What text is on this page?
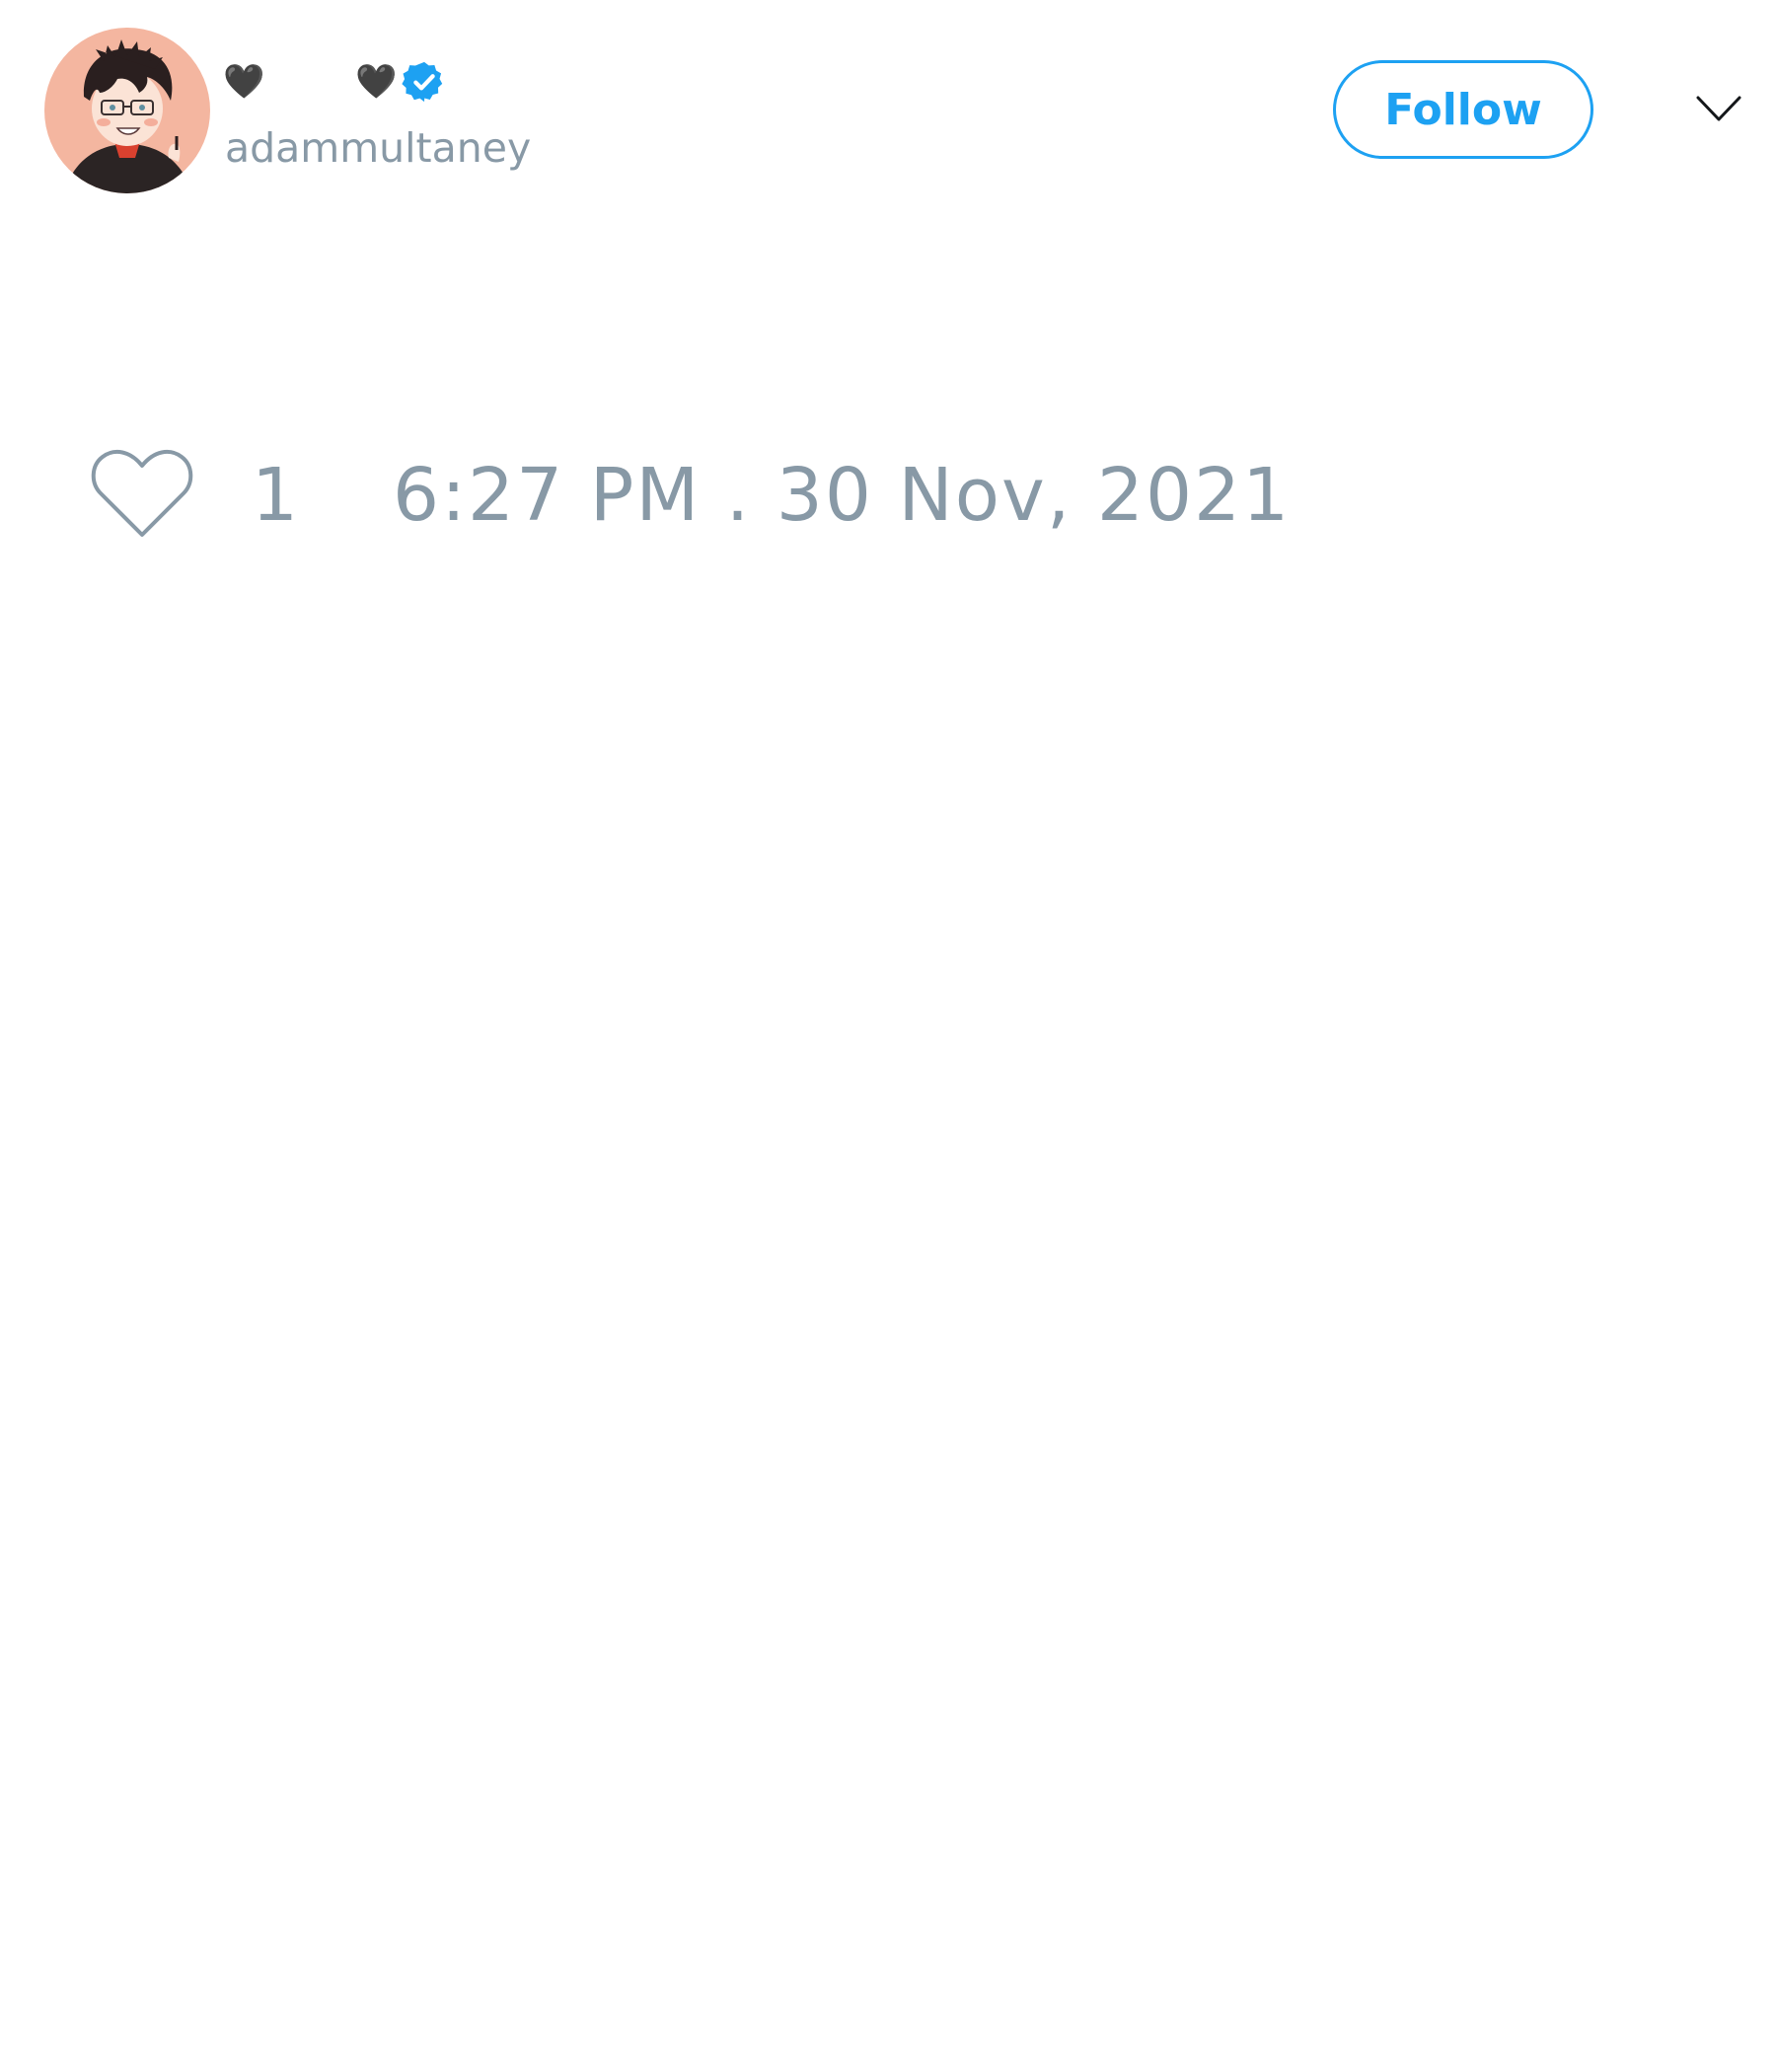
🖤	🖤
adammultaney
Follow
1 6:27 PM . 30 Nov, 2021
